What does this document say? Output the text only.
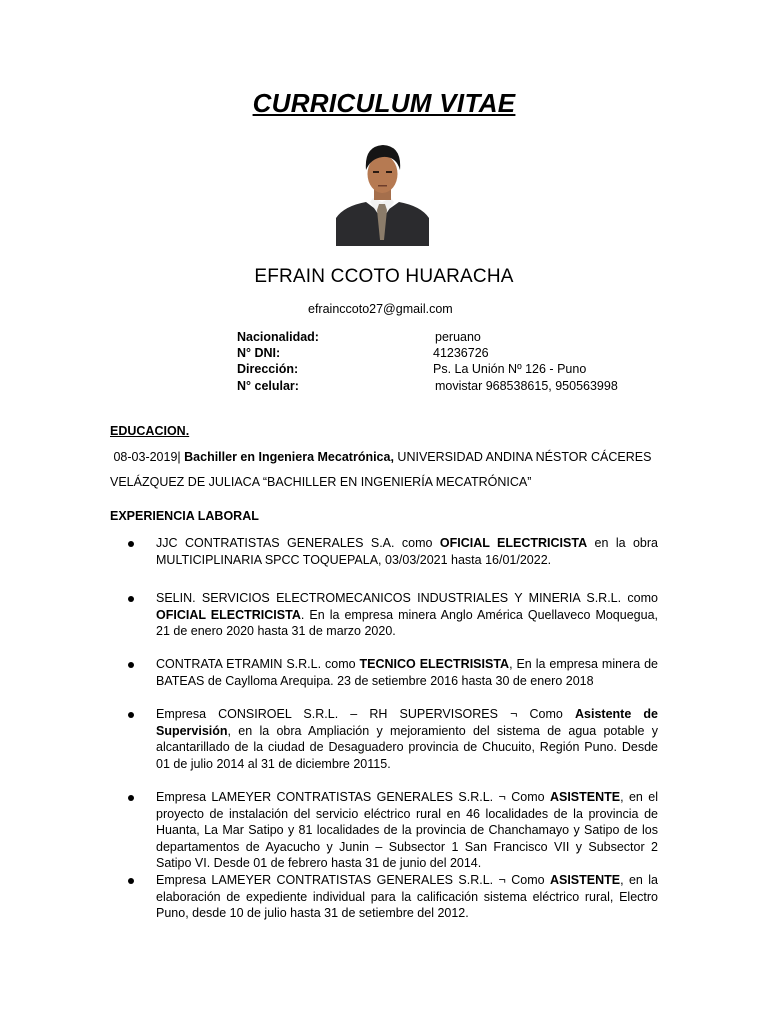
CURRICULUM VITAE
EFRAIN CCOTO HUARACHA
efrainccoto27@gmail.com
Nacionalidad:	peruano
N° DNI:	41236726
Dirección:	Ps. La Unión Nº 126 - Puno
N° celular:	movistar 968538615, 950563998
EDUCACION.
08-03-2019| Bachiller en Ingeniera Mecatrónica, UNIVERSIDAD ANDINA NÉSTOR CÁCERES
VELÁZQUEZ DE JULIACA “BACHILLER EN INGENIERÍA MECATRÓNICA”
EXPERIENCIA LABORAL
JJC CONTRATISTAS GENERALES S.A. como OFICIAL ELECTRICISTA en la obra MULTICIPLINARIA SPCC TOQUEPALA, 03/03/2021 hasta 16/01/2022.
SELIN. SERVICIOS ELECTROMECANICOS INDUSTRIALES Y MINERIA S.R.L. como OFICIAL ELECTRICISTA. En la empresa minera Anglo América Quellaveco Moquegua, 21 de enero 2020 hasta 31 de marzo 2020.
CONTRATA ETRAMIN S.R.L. como TECNICO ELECTRISISTA, En la empresa minera de BATEAS de Caylloma Arequipa. 23 de setiembre 2016 hasta 30 de enero 2018
Empresa CONSIROEL S.R.L. – RH SUPERVISORES ¬ Como Asistente de Supervisión, en la obra Ampliación y mejoramiento del sistema de agua potable y alcantarillado de la ciudad de Desaguadero provincia de Chucuito, Región Puno. Desde 01 de julio 2014 al 31 de diciembre 20115.
Empresa LAMEYER CONTRATISTAS GENERALES S.R.L. ¬ Como ASISTENTE, en el proyecto de instalación del servicio eléctrico rural en 46 localidades de la provincia de Huanta, La Mar Satipo y 81 localidades de la provincia de Chanchamayo y Satipo de los departamentos de Ayacucho y Junin – Subsector 1 San Francisco VII y Subsector 2 Satipo VI. Desde 01 de febrero hasta 31 de junio del 2014.
Empresa LAMEYER CONTRATISTAS GENERALES S.R.L. ¬ Como ASISTENTE, en la elaboración de expediente individual para la calificación sistema eléctrico rural, Electro Puno, desde 10 de julio hasta 31 de setiembre del 2012.
